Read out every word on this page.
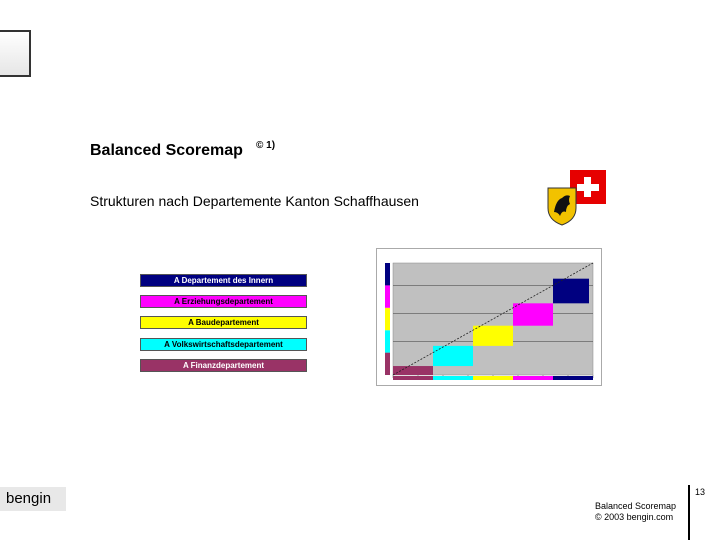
Balanced Scoremap © 1)
Strukturen nach Departemente Kanton Schaffhausen
A Departement des Innern
A Erziehungsdepartement
A Baudepartement
A Volkswirtschaftsdepartement
A Finanzdepartement
bengin	13
Balanced Scoremap
© 2003 bengin.com
